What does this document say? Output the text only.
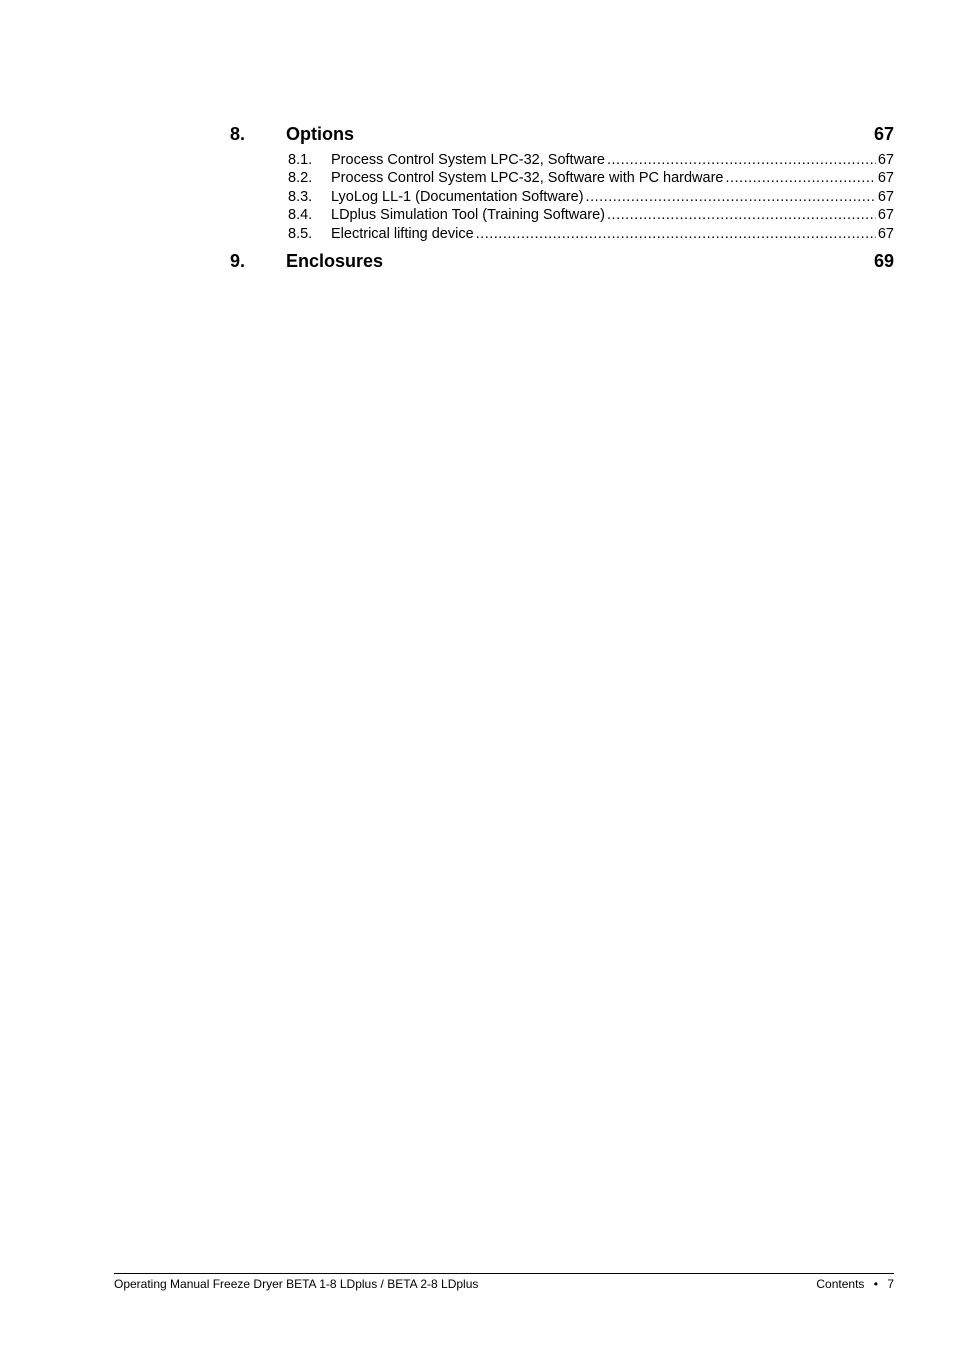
8.	Options	67
8.1.	Process Control System LPC-32, Software .....	67
8.2.	Process Control System LPC-32, Software with PC hardware .....	67
8.3.	LyoLog LL-1 (Documentation Software) .....	67
8.4.	LDplus Simulation Tool (Training Software) .....	67
8.5.	Electrical lifting device .....	67
9.	Enclosures	69
Operating Manual Freeze Dryer BETA 1-8 LDplus / BETA 2-8 LDplus	Contents • 7
